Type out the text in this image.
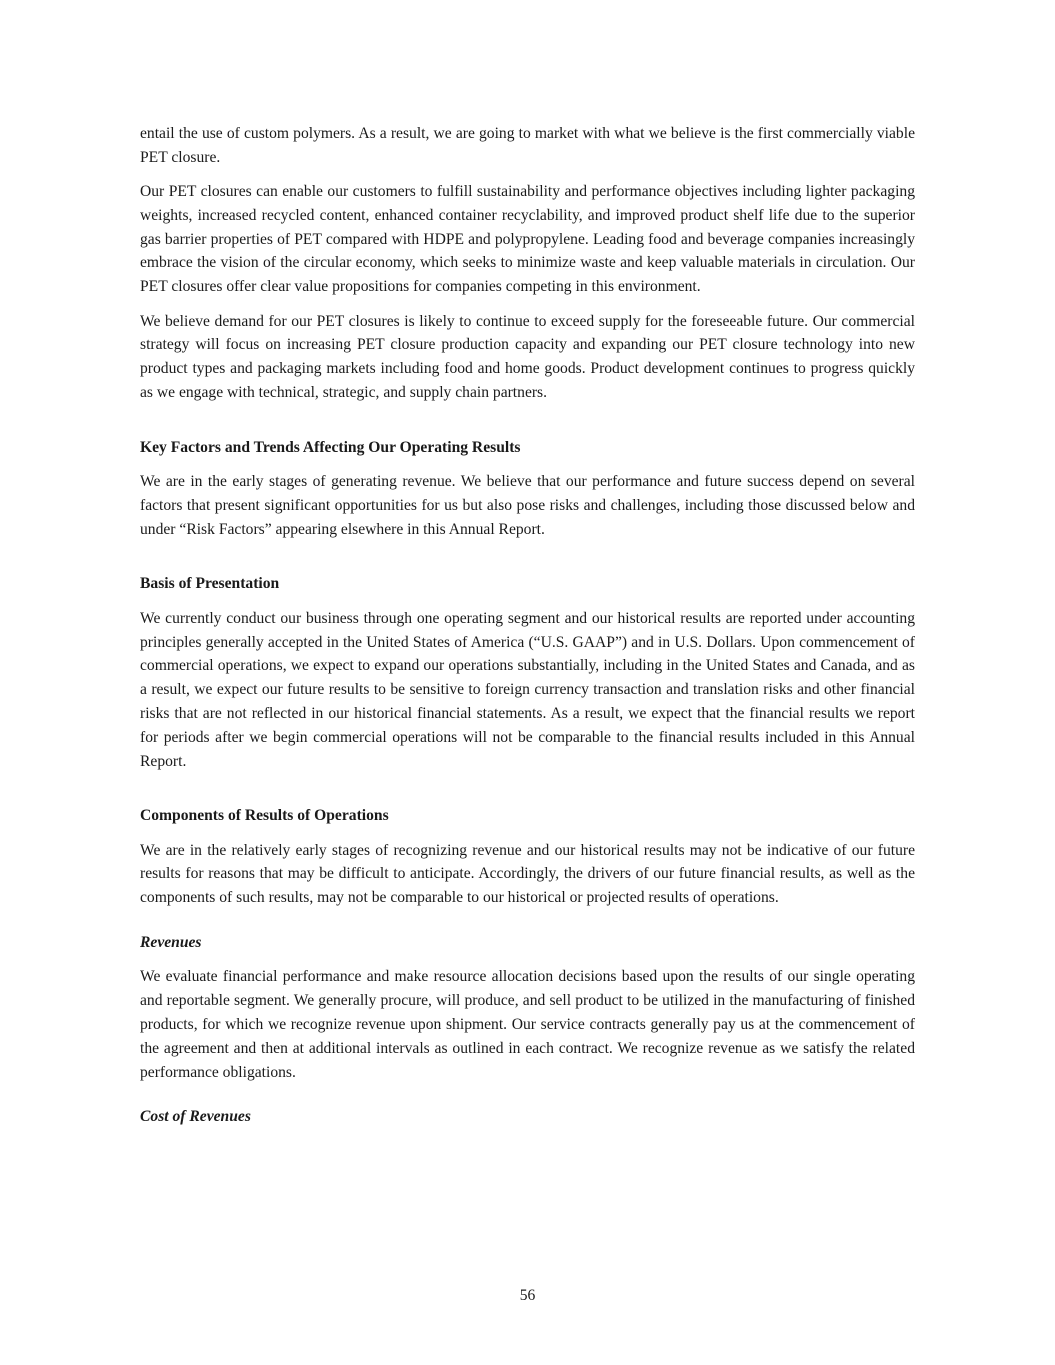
entail the use of custom polymers. As a result, we are going to market with what we believe is the first commercially viable PET closure.

Our PET closures can enable our customers to fulfill sustainability and performance objectives including lighter packaging weights, increased recycled content, enhanced container recyclability, and improved product shelf life due to the superior gas barrier properties of PET compared with HDPE and polypropylene. Leading food and beverage companies increasingly embrace the vision of the circular economy, which seeks to minimize waste and keep valuable materials in circulation. Our PET closures offer clear value propositions for companies competing in this environment.

We believe demand for our PET closures is likely to continue to exceed supply for the foreseeable future. Our commercial strategy will focus on increasing PET closure production capacity and expanding our PET closure technology into new product types and packaging markets including food and home goods. Product development continues to progress quickly as we engage with technical, strategic, and supply chain partners.

Key Factors and Trends Affecting Our Operating Results

We are in the early stages of generating revenue. We believe that our performance and future success depend on several factors that present significant opportunities for us but also pose risks and challenges, including those discussed below and under “Risk Factors” appearing elsewhere in this Annual Report.

Basis of Presentation

We currently conduct our business through one operating segment and our historical results are reported under accounting principles generally accepted in the United States of America (“U.S. GAAP”) and in U.S. Dollars. Upon commencement of commercial operations, we expect to expand our operations substantially, including in the United States and Canada, and as a result, we expect our future results to be sensitive to foreign currency transaction and translation risks and other financial risks that are not reflected in our historical financial statements. As a result, we expect that the financial results we report for periods after we begin commercial operations will not be comparable to the financial results included in this Annual Report.

Components of Results of Operations

We are in the relatively early stages of recognizing revenue and our historical results may not be indicative of our future results for reasons that may be difficult to anticipate. Accordingly, the drivers of our future financial results, as well as the components of such results, may not be comparable to our historical or projected results of operations.

Revenues

We evaluate financial performance and make resource allocation decisions based upon the results of our single operating and reportable segment. We generally procure, will produce, and sell product to be utilized in the manufacturing of finished products, for which we recognize revenue upon shipment. Our service contracts generally pay us at the commencement of the agreement and then at additional intervals as outlined in each contract. We recognize revenue as we satisfy the related performance obligations.

Cost of Revenues

56
